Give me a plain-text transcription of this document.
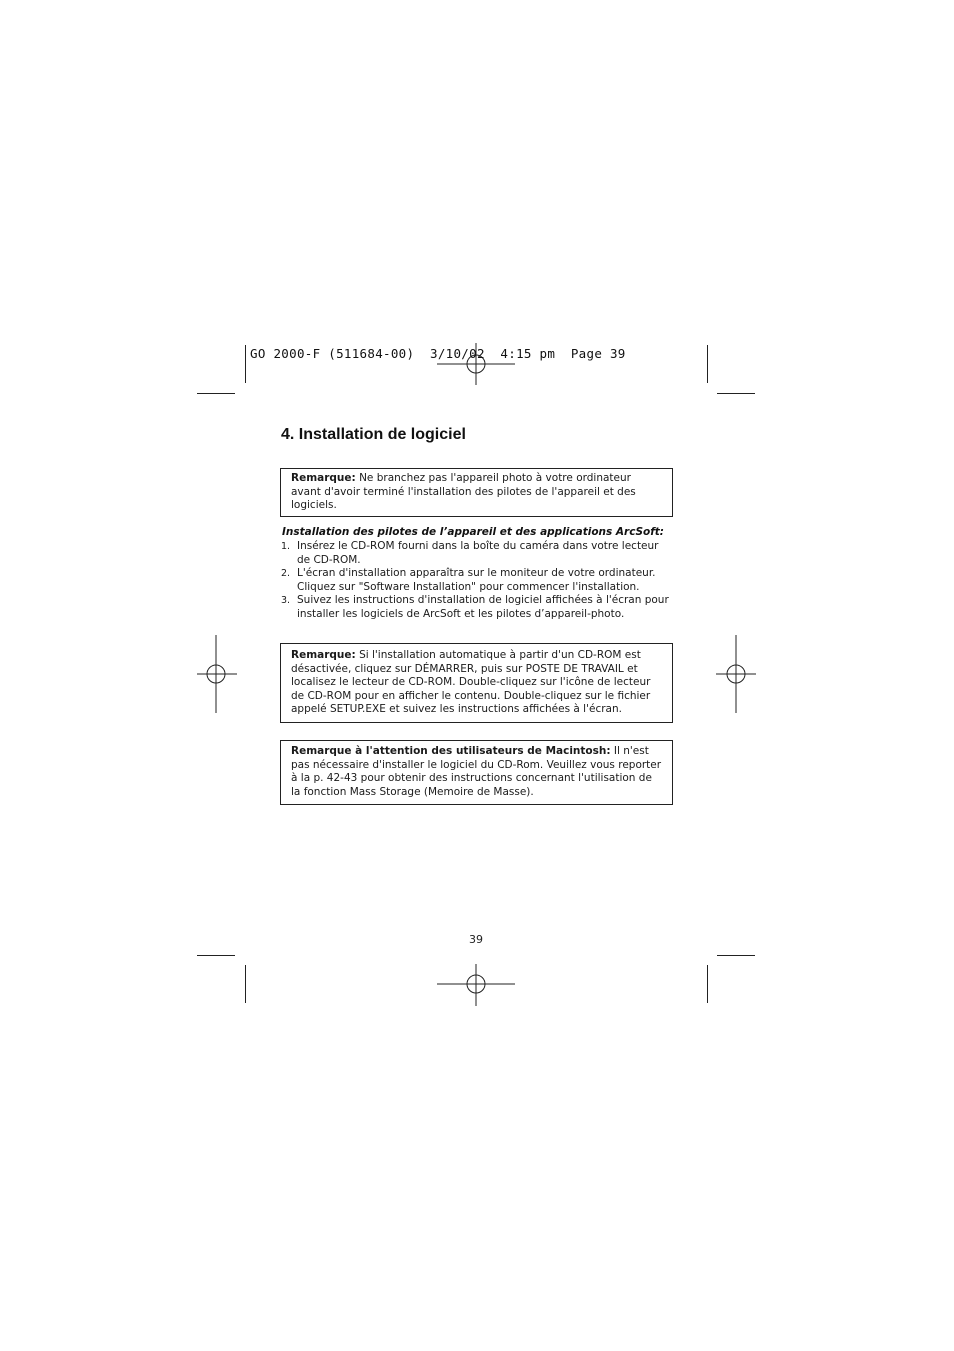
GO 2000-F (511684-00)  3/10/02  4:15 pm  Page 39
4. Installation de logiciel
Remarque: Ne branchez pas l'appareil photo à votre ordinateur avant d'avoir terminé l'installation des pilotes de l'appareil et des logiciels.
Installation des pilotes de l’appareil et des applications ArcSoft:
1. Insérez le CD-ROM fourni dans la boîte du caméra dans votre lecteur de CD-ROM.
2. L'écran d'installation apparaîtra sur le moniteur de votre ordinateur. Cliquez sur "Software Installation" pour commencer l'installation.
3. Suivez les instructions d'installation de logiciel affichées à l'écran pour installer les logiciels de ArcSoft et les pilotes d’appareil-photo.
Remarque: Si l'installation automatique à partir d'un CD-ROM est désactivée, cliquez sur DÉMARRER, puis sur POSTE DE TRAVAIL et localisez le lecteur de CD-ROM. Double-cliquez sur l'icône de lecteur de CD-ROM pour en afficher le contenu. Double-cliquez sur le fichier appelé SETUP.EXE et suivez les instructions affichées à l'écran.
Remarque à l'attention des utilisateurs de Macintosh: Il n'est pas nécessaire d'installer le logiciel du CD-Rom. Veuillez vous reporter à la p. 42-43 pour obtenir des instructions concernant l'utilisation de la fonction Mass Storage (Memoire de Masse).
39
